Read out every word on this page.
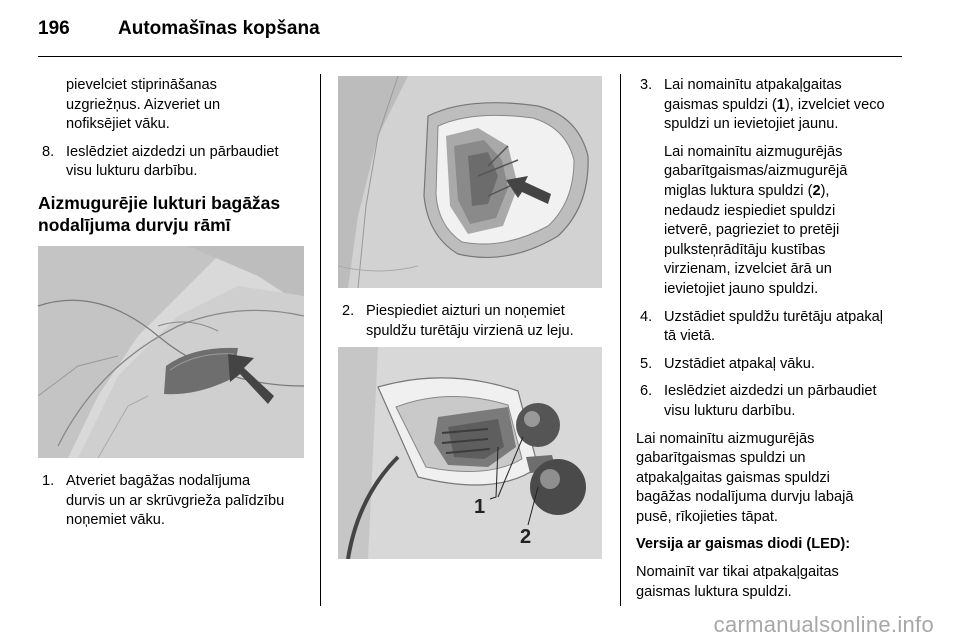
196	Automašīnas kopšana
pievelciet stiprināšanas
uzgriežņus. Aizveriet un
nofiksējiet vāku.
8. Ieslēdziet aizdedzi un pārbaudiet
visu lukturu darbību.
Aizmugurējie lukturi bagāžas
nodalījuma durvju rāmī
1. Atveriet bagāžas nodalījuma
durvis un ar skrūvgrieža palīdzību
noņemiet vāku.
2. Piespiediet aizturi un noņemiet
spuldžu turētāju virzienā uz leju.
1
2
3. Lai nomainītu atpakaļgaitas
gaismas spuldzi (1), izvelciet veco
spuldzi un ievietojiet jaunu.
Lai nomainītu aizmugurējās
gabarītgaismas/aizmugurējā
miglas luktura spuldzi (2),
nedaudz iespiediet spuldzi
ietverē, pagrieziet to pretēji
pulksteņrādītāju kustības
virzienam, izvelciet ārā un
ievietojiet jauno spuldzi.
4. Uzstādiet spuldžu turētāju atpakaļ
tā vietā.
5. Uzstādiet atpakaļ vāku.
6. Ieslēdziet aizdedzi un pārbaudiet
visu lukturu darbību.
Lai nomainītu aizmugurējās
gabarītgaismas spuldzi un
atpakaļgaitas gaismas spuldzi
bagāžas nodalījuma durvju labajā
pusē, rīkojieties tāpat.
Versija ar gaismas diodi (LED):
Nomainīt var tikai atpakaļgaitas
gaismas luktura spuldzi.
carmanualsonline.info
